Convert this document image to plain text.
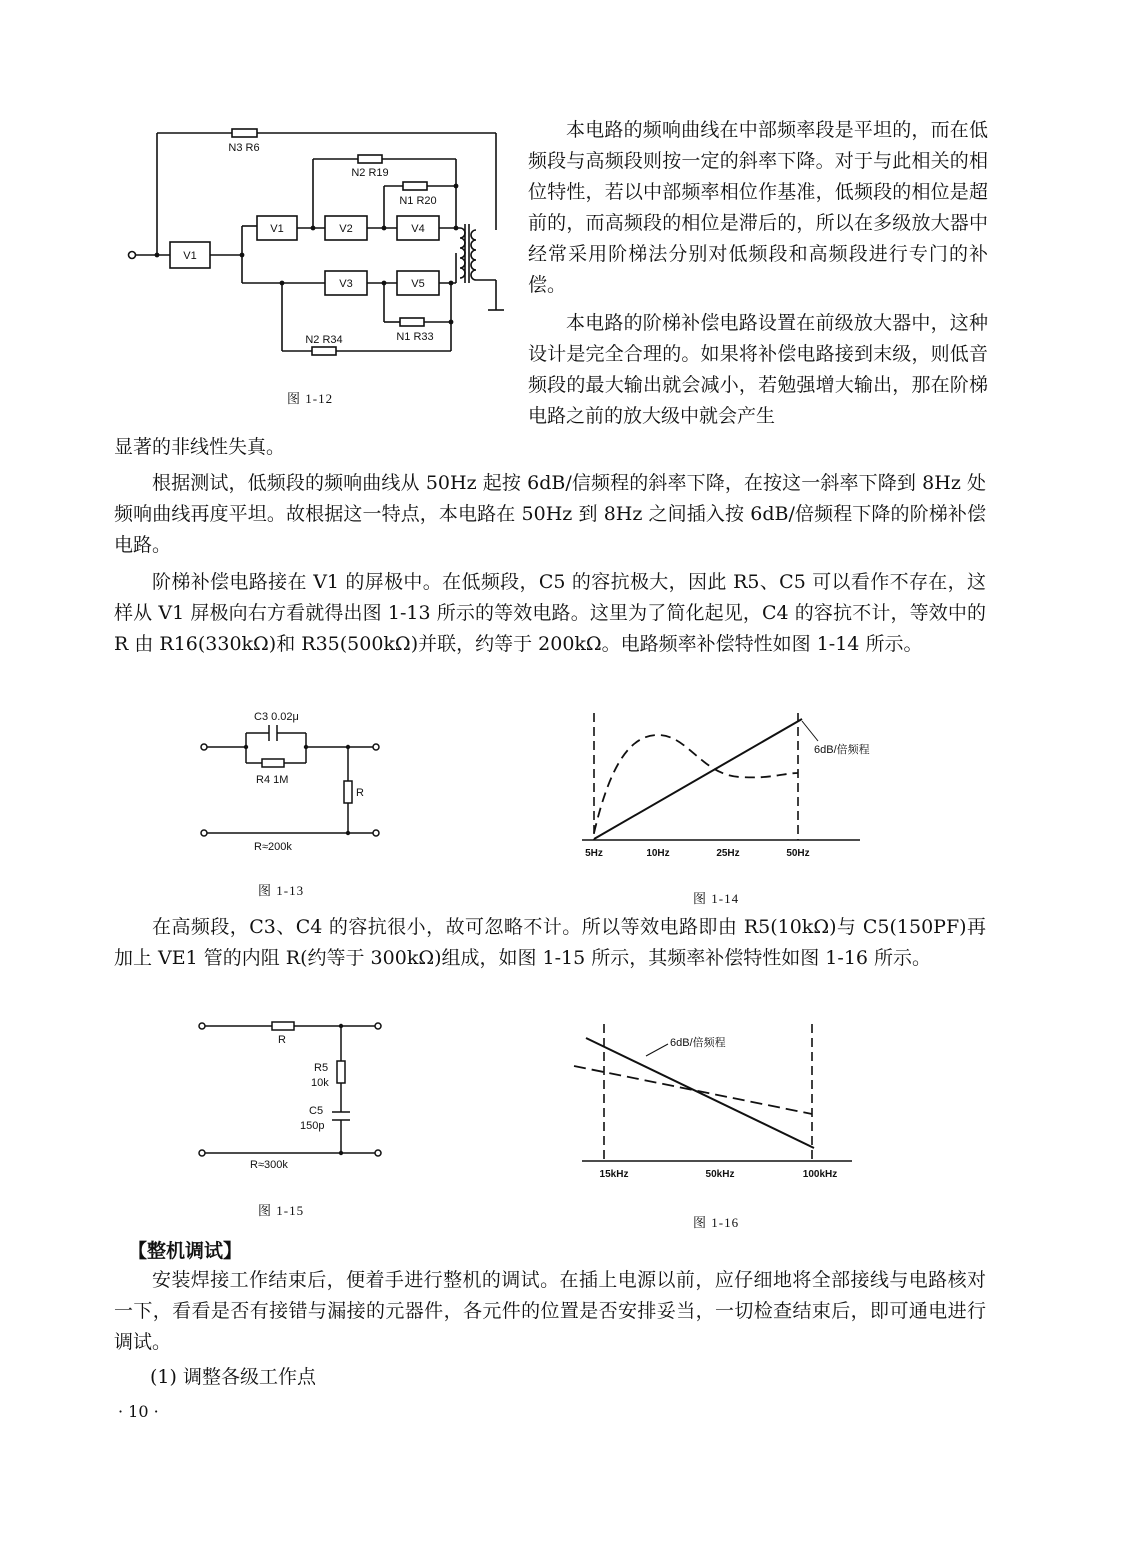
V1
V1	V2	V4
V3	V5
N3 R6
N2 R19
N1 R20
N2 R34	N1 R33
图 1-12

本电路的频响曲线在中部频率段是平坦的，而在低频段与高频段则按一定的斜率下降。对于与此相关的相位特性，若以中部频率相位作基准，低频段的相位是超前的，而高频段的相位是滞后的，所以在多级放大器中经常采用阶梯法分别对低频段和高频段进行专门的补偿。

本电路的阶梯补偿电路设置在前级放大器中，这种设计是完全合理的。如果将补偿电路接到末级，则低音频段的最大输出就会减小，若勉强增大输出，那在阶梯电路之前的放大级中就会产生

显著的非线性失真。

根据测试，低频段的频响曲线从 50Hz 起按 6dB/信频程的斜率下降，在按这一斜率下降到 8Hz 处频响曲线再度平坦。故根据这一特点，本电路在 50Hz 到 8Hz 之间插入按 6dB/倍频程下降的阶梯补偿电路。

阶梯补偿电路接在 V1 的屏极中。在低频段，C5 的容抗极大，因此 R5、C5 可以看作不存在，这样从 V1 屏极向右方看就得出图 1-13 所示的等效电路。这里为了简化起见，C4 的容抗不计，等效中的 R 由 R16(330kΩ)和 R35(500kΩ)并联，约等于 200kΩ。电路频率补偿特性如图 1-14 所示。

C3 0.02μ
R4 1M
R
R≈200k
图 1-13
6dB/倍频程
5Hz	10Hz	25Hz	50Hz
图 1-14

在高频段，C3、C4 的容抗很小，故可忽略不计。所以等效电路即由 R5(10kΩ)与 C5(150PF)再加上 VE1 管的内阻 R(约等于 300kΩ)组成，如图 1-15 所示，其频率补偿特性如图 1-16 所示。

R
R5
10k
C5
150p
R≈300k
图 1-15
6dB/倍频程
15kHz	50kHz	100kHz
图 1-16
【整机调试】

安装焊接工作结束后，便着手进行整机的调试。在插上电源以前，应仔细地将全部接线与电路核对一下，看看是否有接错与漏接的元器件，各元件的位置是否安排妥当，一切检查结束后，即可通电进行调试。

(1) 调整各级工作点

· 10 ·
